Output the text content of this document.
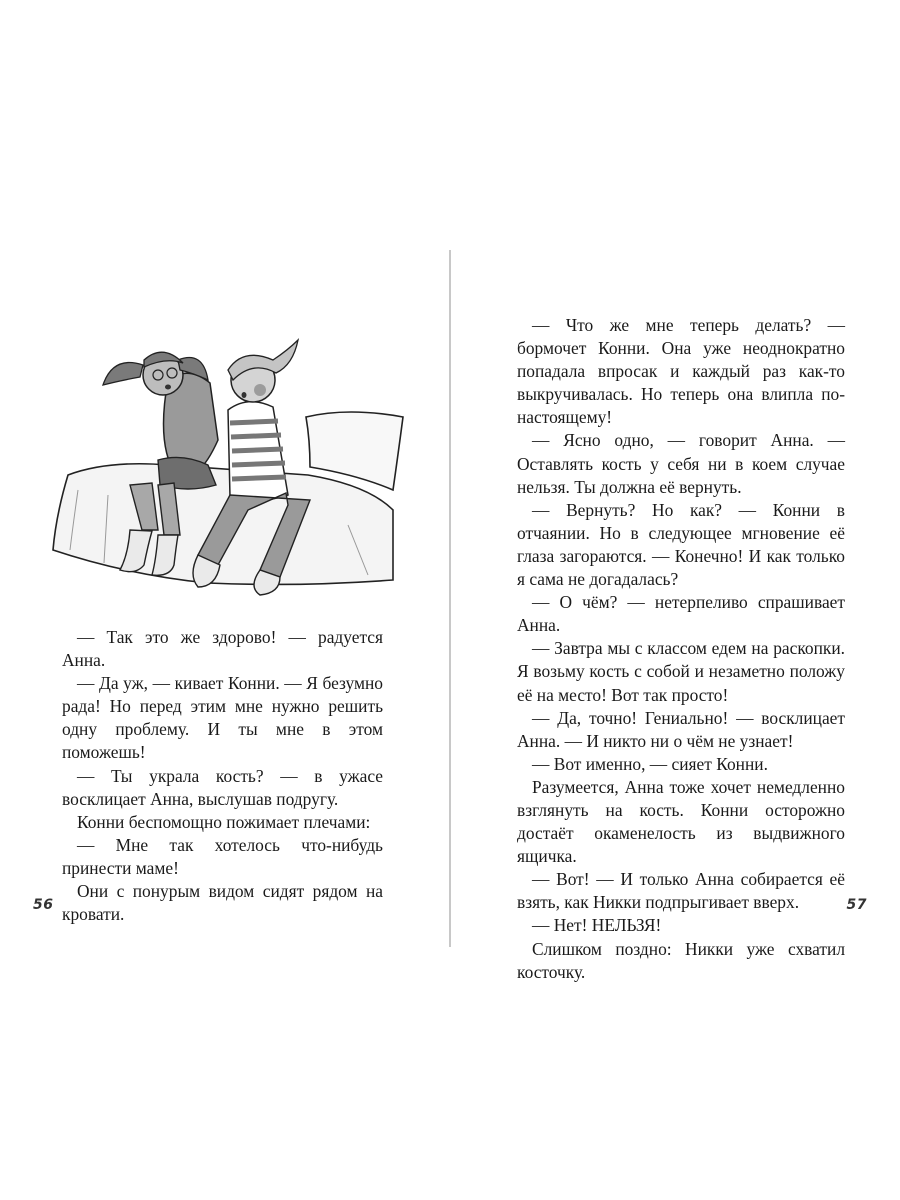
— Так это же здорово! — радуется Анна.

— Да уж, — кивает Конни. — Я безумно рада! Но перед этим мне нужно решить одну проблему. И ты мне в этом поможешь!

— Ты украла кость? — в ужасе восклицает Анна, выслушав подругу.

Конни беспомощно пожимает плечами:

— Мне так хотелось что-нибудь принести маме!

Они с понурым видом сидят рядом на кровати.

56

— Что же мне теперь делать? — бормочет Конни. Она уже неоднократно попадала впросак и каждый раз как-то выкручивалась. Но теперь она влипла по-настоящему!

— Ясно одно, — говорит Анна. — Оставлять кость у себя ни в коем случае нельзя. Ты должна её вернуть.

— Вернуть? Но как? — Конни в отчаянии. Но в следующее мгновение её глаза загораются. — Конечно! И как только я сама не догадалась?

— О чём? — нетерпеливо спрашивает Анна.

— Завтра мы с классом едем на раскопки. Я возьму кость с собой и незаметно положу её на место! Вот так просто!

— Да, точно! Гениально! — восклицает Анна. — И никто ни о чём не узнает!

— Вот именно, — сияет Конни.

Разумеется, Анна тоже хочет немедленно взглянуть на кость. Конни осторожно достаёт окаменелость из выдвижного ящичка.

— Вот! — И только Анна собирается её взять, как Никки подпрыгивает вверх.

— Нет! НЕЛЬЗЯ!

Слишком поздно: Никки уже схватил косточку.

57
